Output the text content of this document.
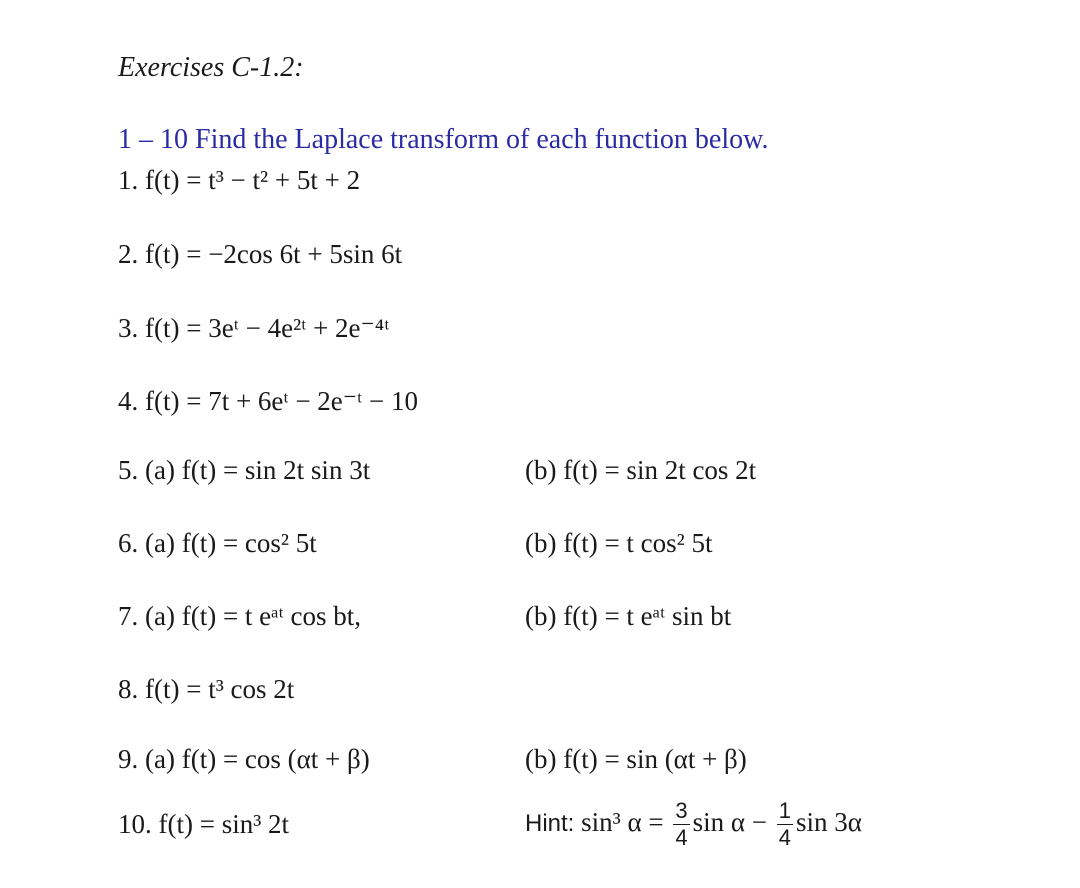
Exercises C-1.2:
1 – 10 Find the Laplace transform of each function below.
1. f(t) = t³ − t² + 5t + 2
2. f(t) = −2cos 6t + 5sin 6t
3. f(t) = 3eᵗ − 4e²ᵗ + 2e⁻⁴ᵗ
4. f(t) = 7t + 6eᵗ − 2e⁻ᵗ − 10
5. (a) f(t) = sin 2t sin 3t	(b) f(t) = sin 2t cos 2t
6. (a) f(t) = cos² 5t	(b) f(t) = t cos² 5t
7. (a) f(t) = t eᵃᵗ cos bt,	(b) f(t) = t eᵃᵗ sin bt
8. f(t) = t³ cos 2t
9. (a) f(t) = cos (αt + β)	(b) f(t) = sin (αt + β)
10. f(t) = sin³ 2t	Hint: sin³ $\alpha = \frac{3}{4}$ $\sin \alpha - \frac{1}{4}$ sin 3α
